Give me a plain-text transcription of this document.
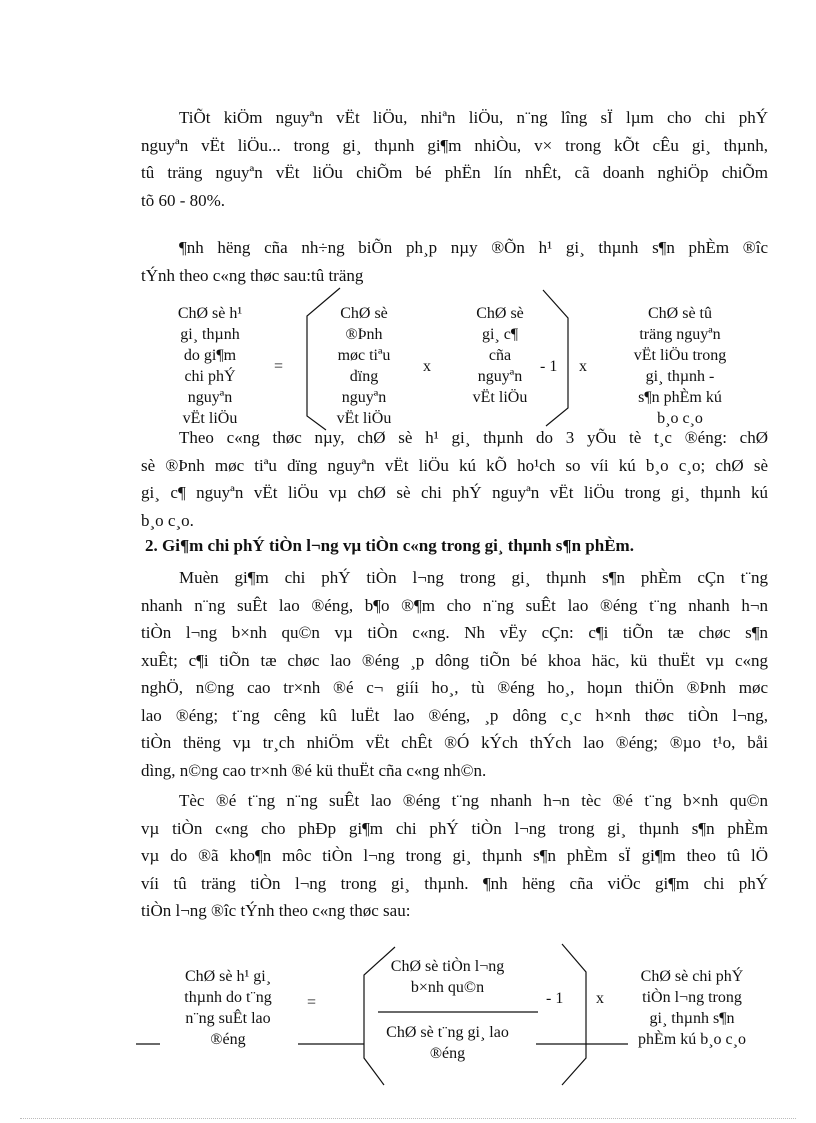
TiÕt kiÖm nguyªn vËt liÖu, nhiªn liÖu, n¨ng lîng sÏ lµm cho chi phÝ
nguyªn vËt liÖu... trong gi¸ thµnh gi¶m nhiÒu, v× trong kÕt cÊu gi¸ thµnh,
tû träng nguyªn vËt liÖu chiÕm bé phËn lín nhÊt, cã doanh nghiÖp chiÕm
tõ 60 - 80%.
¶nh hëng cña nh÷ng biÕn ph¸p nµy ®Õn h¹ gi¸ thµnh s¶n phÈm ®îc
tÝnh theo c«ng thøc sau:tû träng
ChØ sè h¹
gi¸ thµnh
do gi¶m
chi phÝ
nguyªn
vËt liÖu
=
ChØ sè
®Þnh
møc tiªu
dïng
nguyªn
vËt liÖu
x
ChØ sè
gi¸ c¶
cña
nguyªn
vËt liÖu
- 1 x
ChØ sè tû
träng nguyªn
vËt liÖu trong
gi¸ thµnh -
s¶n phÈm kú
b¸o c¸o
Theo c«ng thøc nµy, chØ sè h¹ gi¸ thµnh do 3 yÕu tè t¸c ®éng: chØ
sè ®Þnh møc tiªu dïng nguyªn vËt liÖu kú kÕ ho¹ch so víi kú b¸o c¸o; chØ sè
gi¸ c¶ nguyªn vËt liÖu vµ chØ sè chi phÝ nguyªn vËt liÖu trong gi¸ thµnh kú
b¸o c¸o.
2. Gi¶m chi phÝ tiÒn l¬ng vµ tiÒn c«ng trong gi¸ thµnh s¶n phÈm.
Muèn gi¶m chi phÝ tiÒn l¬ng trong gi¸ thµnh s¶n phÈm cÇn t¨ng
nhanh n¨ng suÊt lao ®éng, b¶o ®¶m cho n¨ng suÊt lao ®éng t¨ng nhanh h¬n
tiÒn l¬ng b×nh qu©n vµ tiÒn c«ng. Nh vËy cÇn: c¶i tiÕn tæ chøc s¶n
xuÊt; c¶i tiÕn tæ chøc lao ®éng ¸p dông tiÕn bé khoa häc, kü thuËt vµ c«ng
nghÖ, n©ng cao tr×nh ®é c¬ giíi ho¸, tù ®éng ho¸, hoµn thiÖn ®Þnh møc
lao ®éng; t¨ng cêng kû luËt lao ®éng, ¸p dông c¸c h×nh thøc tiÒn l¬ng,
tiÒn thëng vµ tr¸ch nhiÖm vËt chÊt ®Ó kÝch thÝch lao ®éng; ®µo t¹o, båi
dìng, n©ng cao tr×nh ®é kü thuËt cña c«ng nh©n.
Tèc ®é t¨ng n¨ng suÊt lao ®éng t¨ng nhanh h¬n tèc ®é t¨ng b×nh qu©n
vµ tiÒn c«ng cho phÐp gi¶m chi phÝ tiÒn l¬ng trong gi¸ thµnh s¶n phÈm
vµ do ®ã kho¶n môc tiÒn l¬ng trong gi¸ thµnh s¶n phÈm sÏ gi¶m theo tû lÖ
víi tû träng tiÒn l¬ng trong gi¸ thµnh. ¶nh hëng cña viÖc gi¶m chi phÝ
tiÒn l¬ng ®îc tÝnh theo c«ng thøc sau:
ChØ sè h¹ gi¸
thµnh do t¨ng
n¨ng suÊt lao
®éng
=
ChØ sè tiÒn l¬ng
b×nh qu©n
ChØ sè t¨ng gi¸ lao
®éng
- 1 x
ChØ sè chi phÝ
tiÒn l¬ng trong
gi¸ thµnh s¶n
phÈm kú b¸o c¸o
